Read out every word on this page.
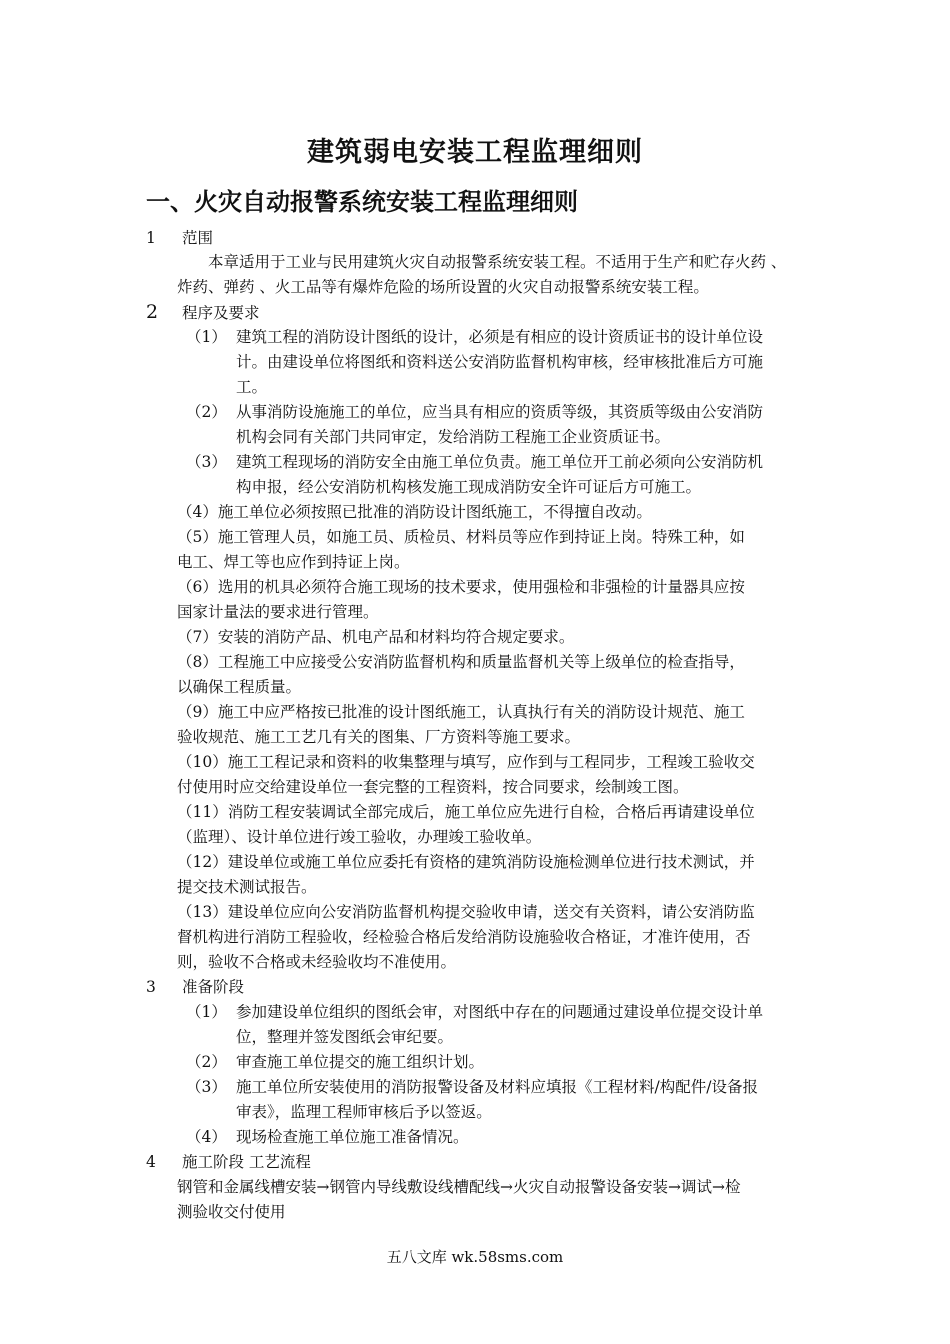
建筑弱电安装工程监理细则
一、火灾自动报警系统安装工程监理细则
1 范围
本章适用于工业与民用建筑火灾自动报警系统安装工程。不适用于生产和贮存火药 、
炸药、弹药 、火工品等有爆炸危险的场所设置的火灾自动报警系统安装工程。
2 程序及要求
（1） 建筑工程的消防设计图纸的设计，必须是有相应的设计资质证书的设计单位设
计。由建设单位将图纸和资料送公安消防监督机构审核，经审核批准后方可施
工。
（2） 从事消防设施施工的单位，应当具有相应的资质等级，其资质等级由公安消防
机构会同有关部门共同审定，发给消防工程施工企业资质证书。
（3） 建筑工程现场的消防安全由施工单位负责。施工单位开工前必须向公安消防机
构申报，经公安消防机构核发施工现成消防安全许可证后方可施工。
（4）施工单位必须按照已批准的消防设计图纸施工，不得擅自改动。
（5）施工管理人员，如施工员、质检员、材料员等应作到持证上岗。特殊工种，如
电工、焊工等也应作到持证上岗。
（6）选用的机具必须符合施工现场的技术要求，使用强检和非强检的计量器具应按
国家计量法的要求进行管理。
（7）安装的消防产品、机电产品和材料均符合规定要求。
（8）工程施工中应接受公安消防监督机构和质量监督机关等上级单位的检查指导，
以确保工程质量。
（9）施工中应严格按已批准的设计图纸施工，认真执行有关的消防设计规范、施工
验收规范、施工工艺几有关的图集、厂方资料等施工要求。
（10）施工工程记录和资料的收集整理与填写，应作到与工程同步，工程竣工验收交
付使用时应交给建设单位一套完整的工程资料，按合同要求，绘制竣工图。
（11）消防工程安装调试全部完成后，施工单位应先进行自检，合格后再请建设单位
（监理）、设计单位进行竣工验收，办理竣工验收单。
（12）建设单位或施工单位应委托有资格的建筑消防设施检测单位进行技术测试，并
提交技术测试报告。
（13）建设单位应向公安消防监督机构提交验收申请，送交有关资料，请公安消防监
督机构进行消防工程验收，经检验合格后发给消防设施验收合格证，才准许使用，否
则，验收不合格或未经验收均不准使用。
3 准备阶段
（1） 参加建设单位组织的图纸会审，对图纸中存在的问题通过建设单位提交设计单
位，整理并签发图纸会审纪要。
（2） 审查施工单位提交的施工组织计划。
（3） 施工单位所安装使用的消防报警设备及材料应填报《工程材料/构配件/设备报
审表》，监理工程师审核后予以签返。
（4） 现场检查施工单位施工准备情况。
4 施工阶段 工艺流程
钢管和金属线槽安装→钢管内导线敷设线槽配线→火灾自动报警设备安装→调试→检
测验收交付使用
五八文库 wk.58sms.com
